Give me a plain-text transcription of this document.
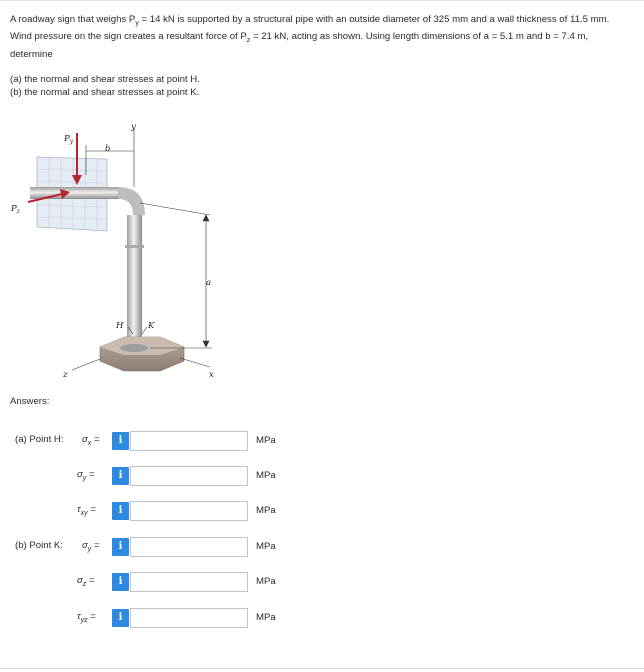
A roadway sign that weighs $P_y = 14$ kN is supported by a structural pipe with an outside diameter of 325 mm and a wall thickness of 11.5 mm. Wind pressure on the sign creates a resultant force of $P_z = 21$ kN, acting as shown. Using length dimensions of a = 5.1 m and b = 7.4 m, determine

(a) the normal and shear stresses at point H.
(b) the normal and shear stresses at point K.
$P_y$
$P_z$
b
y
a
H	K
z	x
Answers:
(a) Point H: $\sigma_x$ =	i	MPa
$\sigma_y$ =	i	MPa
$\tau_{xy}$ =	i	MPa
(b) Point K: $\sigma_y$ =	i	MPa
$\sigma_z$ =	i	MPa
$\tau_{yz}$ =	i	MPa
